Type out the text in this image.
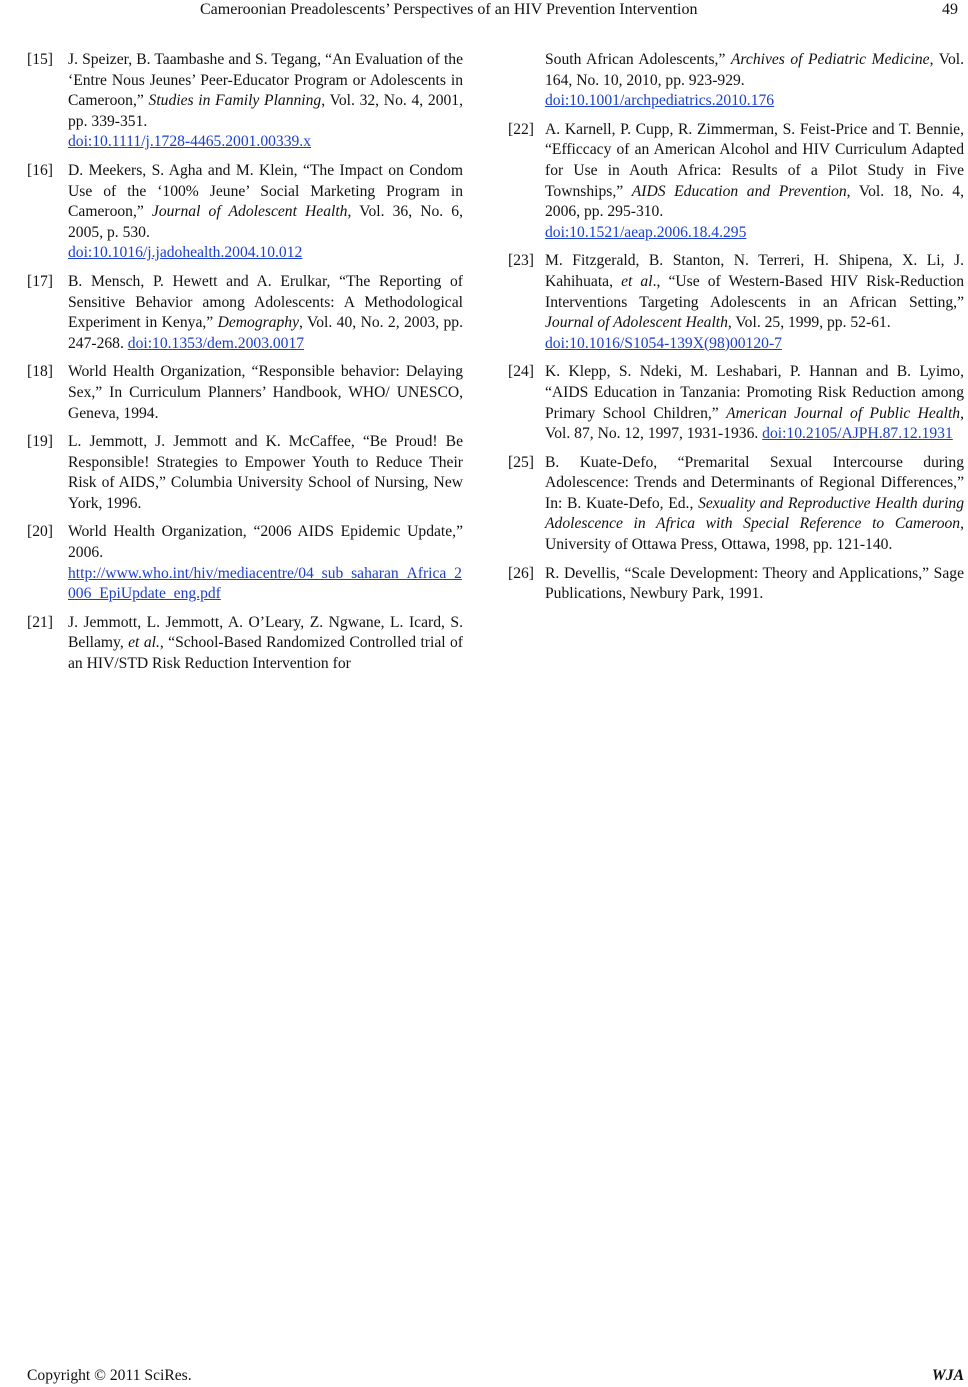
Cameroonian Preadolescents’ Perspectives of an HIV Prevention Intervention	49
[15] J. Speizer, B. Taambashe and S. Tegang, “An Evaluation of the ‘Entre Nous Jeunes’ Peer-Educator Program or Adolescents in Cameroon,” Studies in Family Planning, Vol. 32, No. 4, 2001, pp. 339-351.
doi:10.1111/j.1728-4465.2001.00339.x
[16] D. Meekers, S. Agha and M. Klein, “The Impact on Condom Use of the ‘100% Jeune’ Social Marketing Program in Cameroon,” Journal of Adolescent Health, Vol. 36, No. 6, 2005, p. 530.
doi:10.1016/j.jadohealth.2004.10.012
[17] B. Mensch, P. Hewett and A. Erulkar, “The Reporting of Sensitive Behavior among Adolescents: A Methodological Experiment in Kenya,” Demography, Vol. 40, No. 2, 2003, pp. 247-268. doi:10.1353/dem.2003.0017
[18] World Health Organization, “Responsible behavior: Delaying Sex,” In Curriculum Planners’ Handbook, WHO/ UNESCO, Geneva, 1994.
[19] L. Jemmott, J. Jemmott and K. McCaffee, “Be Proud! Be Responsible! Strategies to Empower Youth to Reduce Their Risk of AIDS,” Columbia University School of Nursing, New York, 1996.
[20] World Health Organization, “2006 AIDS Epidemic Update,” 2006.
http://www.who.int/hiv/mediacentre/04_sub_saharan_Africa_2006_EpiUpdate_eng.pdf
[21] J. Jemmott, L. Jemmott, A. O’Leary, Z. Ngwane, L. Icard, S. Bellamy, et al., “School-Based Randomized Controlled trial of an HIV/STD Risk Reduction Intervention for
South African Adolescents,” Archives of Pediatric Medicine, Vol. 164, No. 10, 2010, pp. 923-929.
doi:10.1001/archpediatrics.2010.176
[22] A. Karnell, P. Cupp, R. Zimmerman, S. Feist-Price and T. Bennie, “Efficcacy of an American Alcohol and HIV Curriculum Adapted for Use in Aouth Africa: Results of a Pilot Study in Five Townships,” AIDS Education and Prevention, Vol. 18, No. 4, 2006, pp. 295-310.
doi:10.1521/aeap.2006.18.4.295
[23] M. Fitzgerald, B. Stanton, N. Terreri, H. Shipena, X. Li, J. Kahihuata, et al., “Use of Western-Based HIV Risk-Reduction Interventions Targeting Adolescents in an African Setting,” Journal of Adolescent Health, Vol. 25, 1999, pp. 52-61.
doi:10.1016/S1054-139X(98)00120-7
[24] K. Klepp, S. Ndeki, M. Leshabari, P. Hannan and B. Lyimo, “AIDS Education in Tanzania: Promoting Risk Reduction among Primary School Children,” American Journal of Public Health, Vol. 87, No. 12, 1997, 1931-1936. doi:10.2105/AJPH.87.12.1931
[25] B. Kuate-Defo, “Premarital Sexual Intercourse during Adolescence: Trends and Determinants of Regional Differences,” In: B. Kuate-Defo, Ed., Sexuality and Reproductive Health during Adolescence in Africa with Special Reference to Cameroon, University of Ottawa Press, Ottawa, 1998, pp. 121-140.
[26] R. Devellis, “Scale Development: Theory and Applications,” Sage Publications, Newbury Park, 1991.
Copyright © 2011 SciRes.	WJA
